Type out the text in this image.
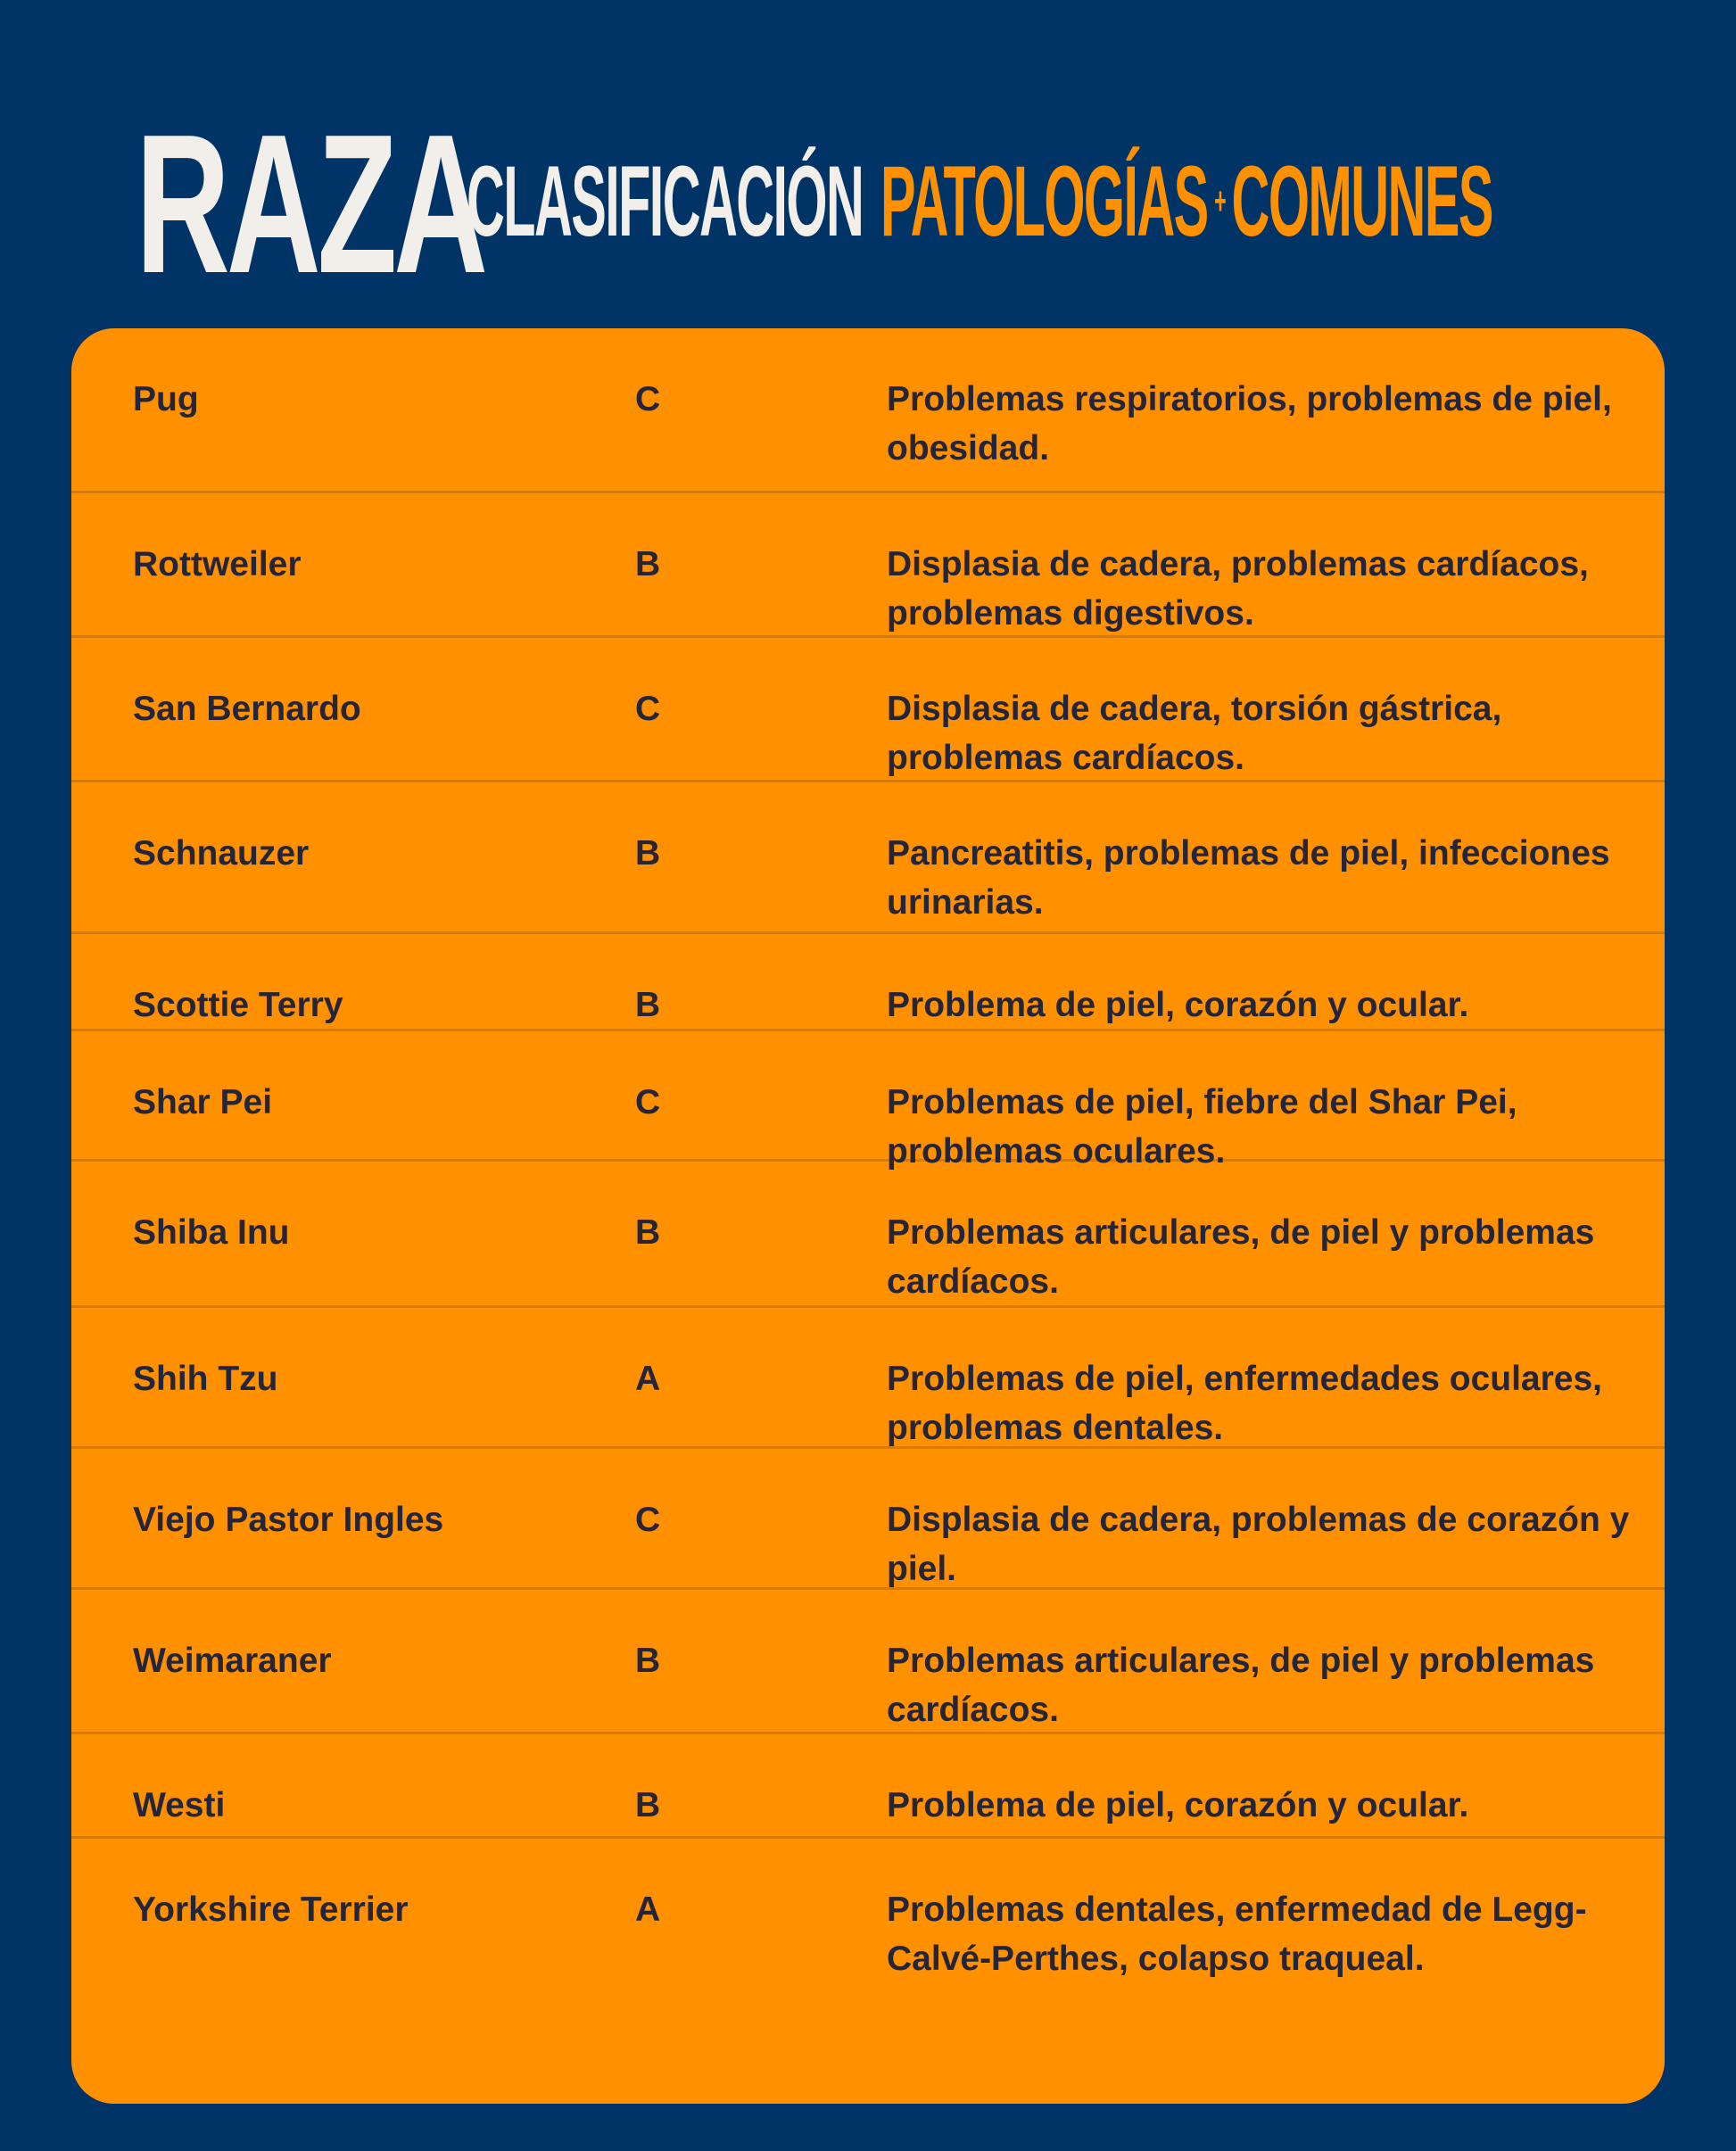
RAZA
CLASIFICACIÓN PATOLOGÍAS +COMUNES
Pug	C	Problemas respiratorios, problemas de piel, obesidad.
Rottweiler	B	Displasia de cadera, problemas cardíacos, problemas digestivos.
San Bernardo	C	Displasia de cadera, torsión gástrica, problemas cardíacos.
Schnauzer	B	Pancreatitis, problemas de piel, infecciones urinarias.
Scottie Terry	B	Problema de piel, corazón y ocular.
Shar Pei	C	Problemas de piel, fiebre del Shar Pei, problemas oculares.
Shiba Inu	B	Problemas articulares, de piel y problemas cardíacos.
Shih Tzu	A	Problemas de piel, enfermedades oculares, problemas dentales.
Viejo Pastor Ingles	C	Displasia de cadera, problemas de corazón y piel.
Weimaraner	B	Problemas articulares, de piel y problemas cardíacos.
Westi	B	Problema de piel, corazón y ocular.
Yorkshire Terrier	A	Problemas dentales, enfermedad de Legg-Calvé-Perthes, colapso traqueal.
